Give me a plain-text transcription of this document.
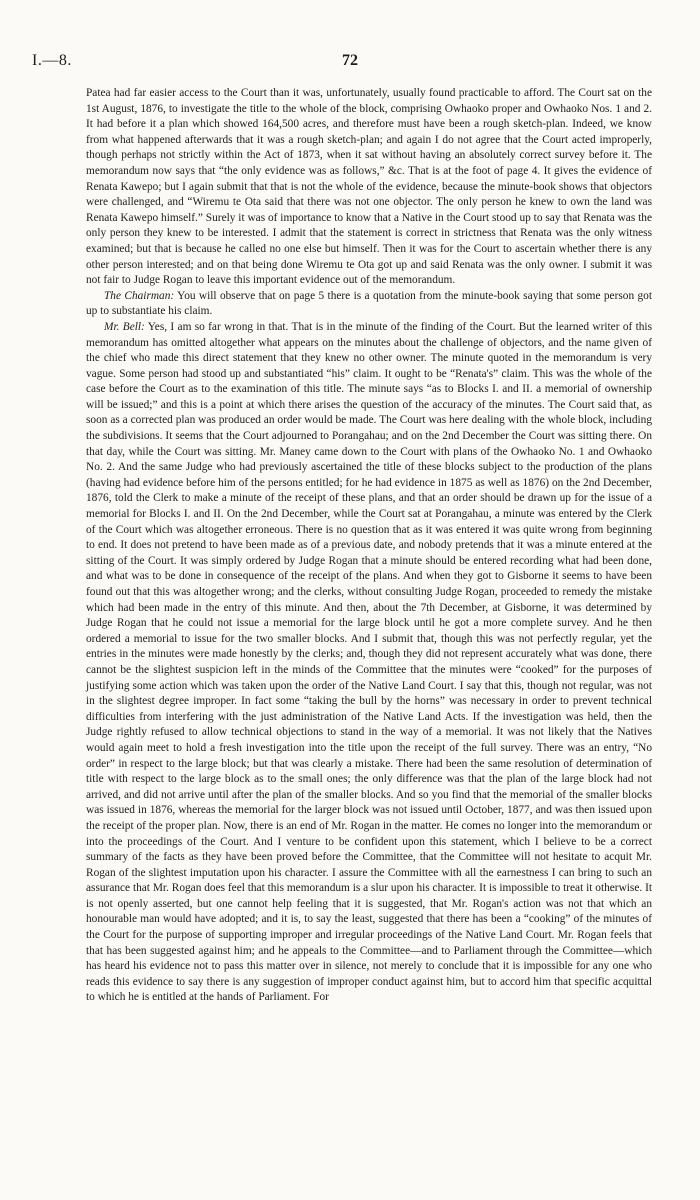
I.—8.	72

Patea had far easier access to the Court than it was, unfortunately, usually found practicable to afford. The Court sat on the 1st August, 1876, to investigate the title to the whole of the block, comprising Owhaoko proper and Owhaoko Nos. 1 and 2. It had before it a plan which showed 164,500 acres, and therefore must have been a rough sketch-plan. Indeed, we know from what happened afterwards that it was a rough sketch-plan; and again I do not agree that the Court acted improperly, though perhaps not strictly within the Act of 1873, when it sat without having an absolutely correct survey before it. The memorandum now says that “the only evidence was as follows,” &c. That is at the foot of page 4. It gives the evidence of Renata Kawepo; but I again submit that that is not the whole of the evidence, because the minute-book shows that objectors were challenged, and “Wiremu te Ota said that there was not one objector. The only person he knew to own the land was Renata Kawepo himself.” Surely it was of importance to know that a Native in the Court stood up to say that Renata was the only person they knew to be interested. I admit that the statement is correct in strictness that Renata was the only witness examined; but that is because he called no one else but himself. Then it was for the Court to ascertain whether there is any other person interested; and on that being done Wiremu te Ota got up and said Renata was the only owner. I submit it was not fair to Judge Rogan to leave this important evidence out of the memorandum.

The Chairman: You will observe that on page 5 there is a quotation from the minute-book saying that some person got up to substantiate his claim.

Mr. Bell: Yes, I am so far wrong in that. That is in the minute of the finding of the Court. But the learned writer of this memorandum has omitted altogether what appears on the minutes about the challenge of objectors, and the name given of the chief who made this direct statement that they knew no other owner. The minute quoted in the memorandum is very vague. Some person had stood up and substantiated “his” claim. It ought to be “Renata's” claim. This was the whole of the case before the Court as to the examination of this title. The minute says “as to Blocks I. and II. a memorial of ownership will be issued;” and this is a point at which there arises the question of the accuracy of the minutes. The Court said that, as soon as a corrected plan was produced an order would be made. The Court was here dealing with the whole block, including the subdivisions. It seems that the Court adjourned to Porangahau; and on the 2nd December the Court was sitting there. On that day, while the Court was sitting. Mr. Maney came down to the Court with plans of the Owhaoko No. 1 and Owhaoko No. 2. And the same Judge who had previously ascertained the title of these blocks subject to the production of the plans (having had evidence before him of the persons entitled; for he had evidence in 1875 as well as 1876) on the 2nd December, 1876, told the Clerk to make a minute of the receipt of these plans, and that an order should be drawn up for the issue of a memorial for Blocks I. and II. On the 2nd December, while the Court sat at Porangahau, a minute was entered by the Clerk of the Court which was altogether erroneous. There is no question that as it was entered it was quite wrong from beginning to end. It does not pretend to have been made as of a previous date, and nobody pretends that it was a minute entered at the sitting of the Court. It was simply ordered by Judge Rogan that a minute should be entered recording what had been done, and what was to be done in consequence of the receipt of the plans. And when they got to Gisborne it seems to have been found out that this was altogether wrong; and the clerks, without consulting Judge Rogan, proceeded to remedy the mistake which had been made in the entry of this minute. And then, about the 7th December, at Gisborne, it was determined by Judge Rogan that he could not issue a memorial for the large block until he got a more complete survey. And he then ordered a memorial to issue for the two smaller blocks. And I submit that, though this was not perfectly regular, yet the entries in the minutes were made honestly by the clerks; and, though they did not represent accurately what was done, there cannot be the slightest suspicion left in the minds of the Committee that the minutes were “cooked” for the purposes of justifying some action which was taken upon the order of the Native Land Court. I say that this, though not regular, was not in the slightest degree improper. In fact some “taking the bull by the horns” was necessary in order to prevent technical difficulties from interfering with the just administration of the Native Land Acts. If the investigation was held, then the Judge rightly refused to allow technical objections to stand in the way of a memorial. It was not likely that the Natives would again meet to hold a fresh investigation into the title upon the receipt of the full survey. There was an entry, “No order” in respect to the large block; but that was clearly a mistake. There had been the same resolution of determination of title with respect to the large block as to the small ones; the only difference was that the plan of the large block had not arrived, and did not arrive until after the plan of the smaller blocks. And so you find that the memorial of the smaller blocks was issued in 1876, whereas the memorial for the larger block was not issued until October, 1877, and was then issued upon the receipt of the proper plan. Now, there is an end of Mr. Rogan in the matter. He comes no longer into the memorandum or into the proceedings of the Court. And I venture to be confident upon this statement, which I believe to be a correct summary of the facts as they have been proved before the Committee, that the Committee will not hesitate to acquit Mr. Rogan of the slightest imputation upon his character. I assure the Committee with all the earnestness I can bring to such an assurance that Mr. Rogan does feel that this memorandum is a slur upon his character. It is impossible to treat it otherwise. It is not openly asserted, but one cannot help feeling that it is suggested, that Mr. Rogan's action was not that which an honourable man would have adopted; and it is, to say the least, suggested that there has been a “cooking” of the minutes of the Court for the purpose of supporting improper and irregular proceedings of the Native Land Court. Mr. Rogan feels that that has been suggested against him; and he appeals to the Committee—and to Parliament through the Committee—which has heard his evidence not to pass this matter over in silence, not merely to conclude that it is impossible for any one who reads this evidence to say there is any suggestion of improper conduct against him, but to accord him that specific acquittal to which he is entitled at the hands of Parliament. For
